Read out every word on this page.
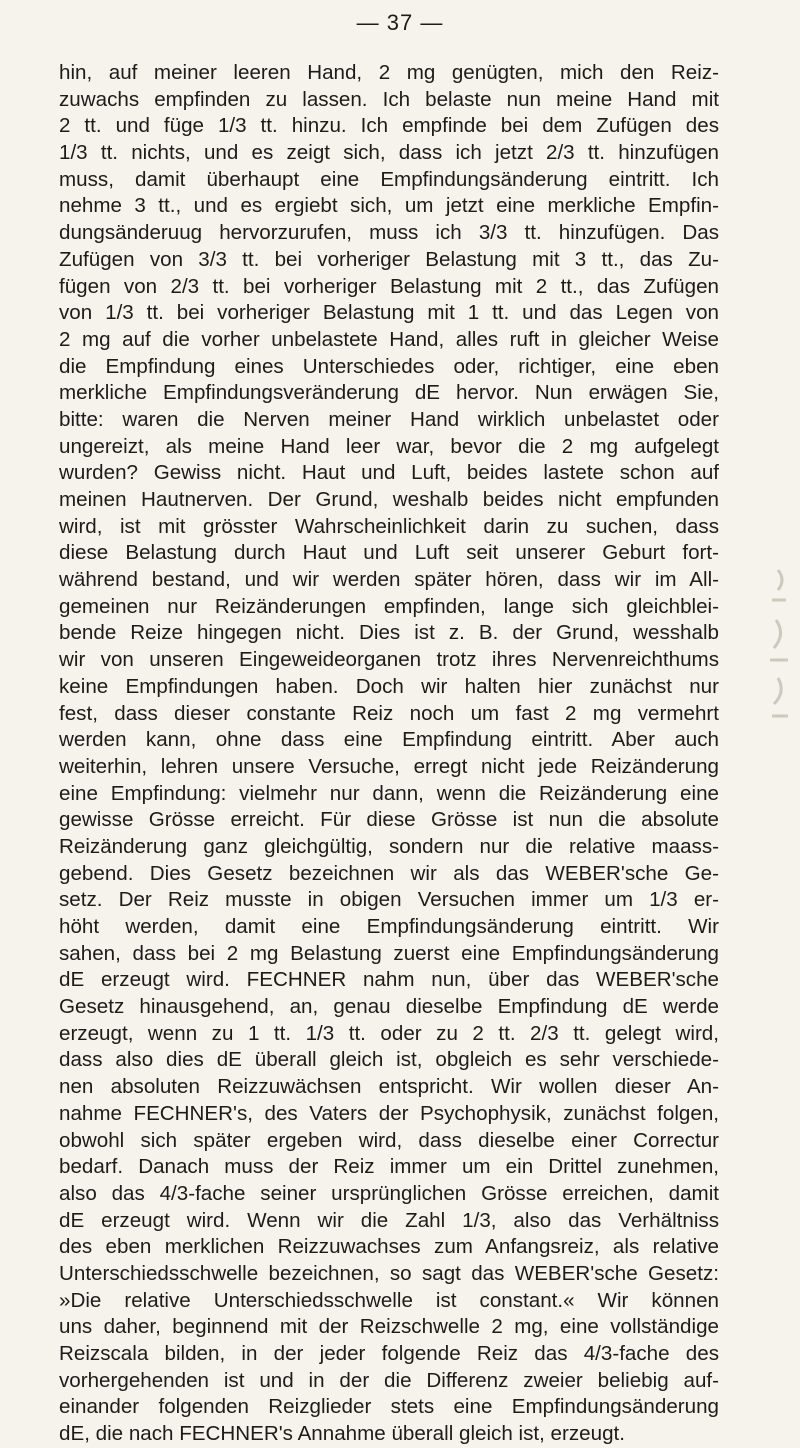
— 37 —
hin, auf meiner leeren Hand, 2 mg genügten, mich den Reiz-
zuwachs empfinden zu lassen. Ich belaste nun meine Hand mit
2 tt. und füge 1/3 tt. hinzu. Ich empfinde bei dem Zufügen des
1/3 tt. nichts, und es zeigt sich, dass ich jetzt 2/3 tt. hinzufügen
muss, damit überhaupt eine Empfindungsänderung eintritt. Ich
nehme 3 tt., und es ergiebt sich, um jetzt eine merkliche Empfin-
dungsänderuug hervorzurufen, muss ich 3/3 tt. hinzufügen. Das
Zufügen von 3/3 tt. bei vorheriger Belastung mit 3 tt., das Zu-
fügen von 2/3 tt. bei vorheriger Belastung mit 2 tt., das Zufügen
von 1/3 tt. bei vorheriger Belastung mit 1 tt. und das Legen von
2 mg auf die vorher unbelastete Hand, alles ruft in gleicher Weise
die Empfindung eines Unterschiedes oder, richtiger, eine eben
merkliche Empfindungsveränderung dE hervor. Nun erwägen Sie,
bitte: waren die Nerven meiner Hand wirklich unbelastet oder
ungereizt, als meine Hand leer war, bevor die 2 mg aufgelegt
wurden? Gewiss nicht. Haut und Luft, beides lastete schon auf
meinen Hautnerven. Der Grund, weshalb beides nicht empfunden
wird, ist mit grösster Wahrscheinlichkeit darin zu suchen, dass
diese Belastung durch Haut und Luft seit unserer Geburt fort-
während bestand, und wir werden später hören, dass wir im All-
gemeinen nur Reizänderungen empfinden, lange sich gleichblei-
bende Reize hingegen nicht. Dies ist z. B. der Grund, wesshalb
wir von unseren Eingeweideorganen trotz ihres Nervenreichthums
keine Empfindungen haben. Doch wir halten hier zunächst nur
fest, dass dieser constante Reiz noch um fast 2 mg vermehrt
werden kann, ohne dass eine Empfindung eintritt. Aber auch
weiterhin, lehren unsere Versuche, erregt nicht jede Reizänderung
eine Empfindung: vielmehr nur dann, wenn die Reizänderung eine
gewisse Grösse erreicht. Für diese Grösse ist nun die absolute
Reizänderung ganz gleichgültig, sondern nur die relative maass-
gebend. Dies Gesetz bezeichnen wir als das WEBER'sche Ge-
setz. Der Reiz musste in obigen Versuchen immer um 1/3 er-
höht werden, damit eine Empfindungsänderung eintritt. Wir
sahen, dass bei 2 mg Belastung zuerst eine Empfindungsänderung
dE erzeugt wird. FECHNER nahm nun, über das WEBER'sche
Gesetz hinausgehend, an, genau dieselbe Empfindung dE werde
erzeugt, wenn zu 1 tt. 1/3 tt. oder zu 2 tt. 2/3 tt. gelegt wird,
dass also dies dE überall gleich ist, obgleich es sehr verschiede-
nen absoluten Reizzuwächsen entspricht. Wir wollen dieser An-
nahme FECHNER's, des Vaters der Psychophysik, zunächst folgen,
obwohl sich später ergeben wird, dass dieselbe einer Correctur
bedarf. Danach muss der Reiz immer um ein Drittel zunehmen,
also das 4/3-fache seiner ursprünglichen Grösse erreichen, damit
dE erzeugt wird. Wenn wir die Zahl 1/3, also das Verhältniss
des eben merklichen Reizzuwachses zum Anfangsreiz, als relative
Unterschiedsschwelle bezeichnen, so sagt das WEBER'sche Gesetz:
»Die relative Unterschiedsschwelle ist constant.« Wir können
uns daher, beginnend mit der Reizschwelle 2 mg, eine vollständige
Reizscala bilden, in der jeder folgende Reiz das 4/3-fache des
vorhergehenden ist und in der die Differenz zweier beliebig auf-
einander folgenden Reizglieder stets eine Empfindungsänderung
dE, die nach FECHNER's Annahme überall gleich ist, erzeugt.
